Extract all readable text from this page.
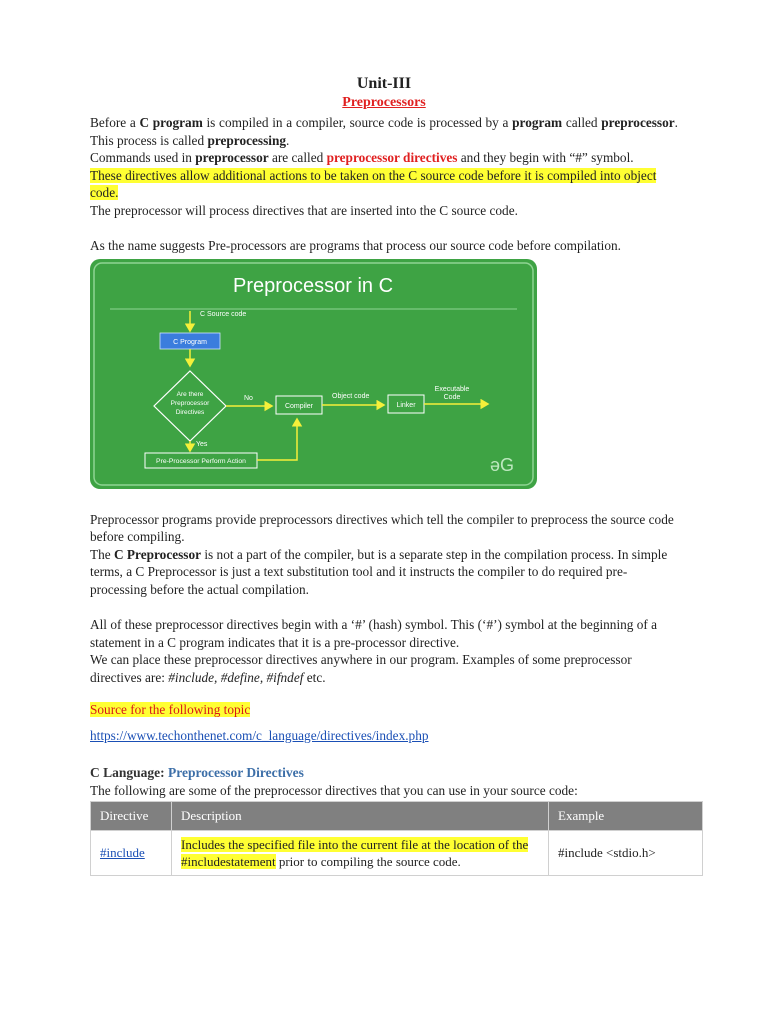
Unit-III

Preprocessors

Before a C program is compiled in a compiler, source code is processed by a program called preprocessor. This process is called preprocessing.

Commands used in preprocessor are called preprocessor directives and they begin with “#” symbol.

These directives allow additional actions to be taken on the C source code before it is compiled into object code.

The preprocessor will process directives that are inserted into the C source code.

As the name suggests Pre-processors are programs that process our source code before compilation.

Preprocessor in C
C Source code
C Program
Are there
Preprocessor
Directives
No
Compiler
Object code
Linker
Executable
Code
Yes
Pre-Processor Perform Action	əG

Preprocessor programs provide preprocessors directives which tell the compiler to preprocess the source code before compiling.

The C Preprocessor is not a part of the compiler, but is a separate step in the compilation process. In simple terms, a C Preprocessor is just a text substitution tool and it instructs the compiler to do required pre-processing before the actual compilation.

All of these preprocessor directives begin with a ‘#’ (hash) symbol. This (‘#’) symbol at the beginning of a statement in a C program indicates that it is a pre-processor directive.

We can place these preprocessor directives anywhere in our program. Examples of some preprocessor directives are: #include, #define, #ifndef etc.

Source for the following topic

https://www.techonthenet.com/c_language/directives/index.php

C Language: Preprocessor Directives

The following are some of the preprocessor directives that you can use in your source code:

Directive	Description	Example
#include	Includes the specified file into the current file at the location of the #includestatement prior to compiling the source code.	#include <stdio.h>
